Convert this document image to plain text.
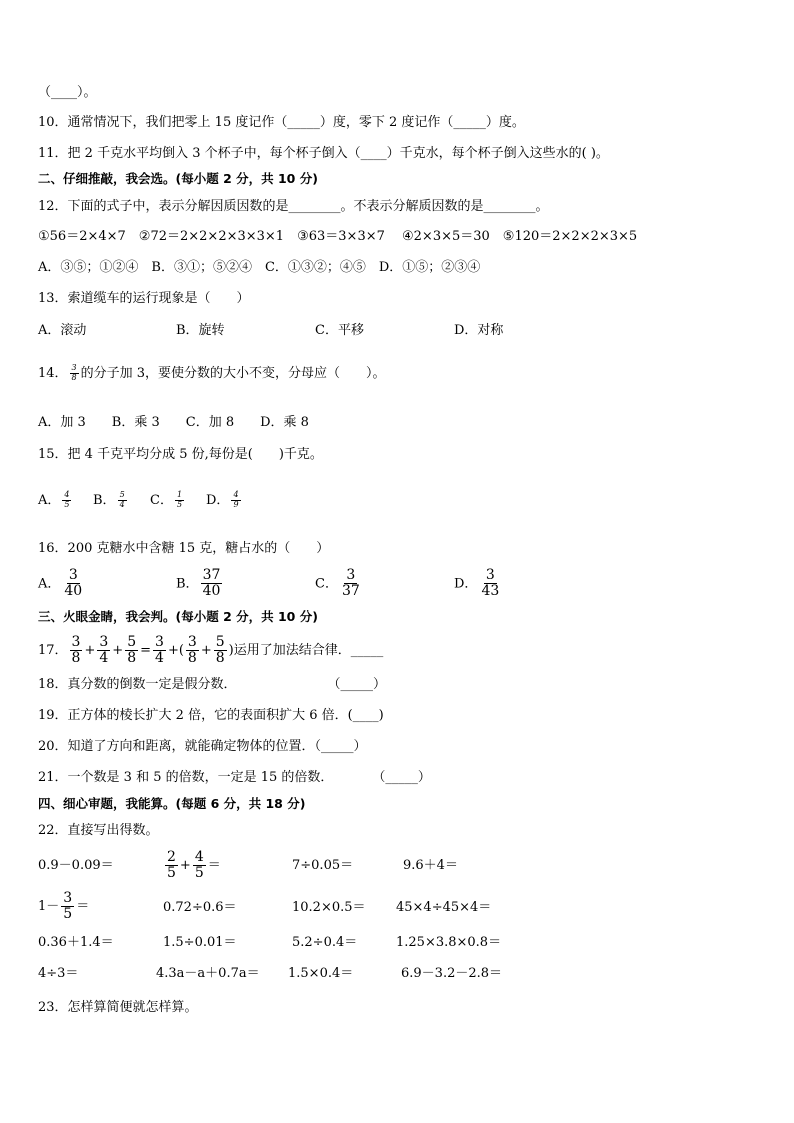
（____）。
10．通常情况下，我们把零上 15 度记作（_____）度，零下 2 度记作（_____）度。
11．把 2 千克水平均倒入 3 个杯子中，每个杯子倒入（____）千克水，每个杯子倒入这些水的( )。
二、仔细推敲，我会选。(每小题 2 分，共 10 分)
12．下面的式子中，表示分解因质因数的是________。不表示分解质因数的是________。
①56＝2×4×7　②72＝2×2×2×3×3×1　③63＝3×3×7　 ④2×3×5＝30　⑤120＝2×2×2×3×5
A．③⑤；①②④　B．③①；⑤②④　C．①③②；④⑤　D．①⑤；②③④
13．索道缆车的运行现象是（　　）
A．滚动	B．旋转	C．平移	D．对称
14． $\frac{3}{8}$ 的分子加 3，要使分数的大小不变，分母应（　　）。
A．加 3　　B．乘 3　　C．加 8　　D．乘 8
15．把 4 千克平均分成 5 份,每份是(　　)千克。
A． $\frac{4}{5}$ B． $\frac{5}{4}$ C． $\frac{1}{5}$ D． $\frac{4}{9}$
16．200 克糖水中含糖 15 克，糖占水的（　　）
A． $\frac{3}{40}$	B． $\frac{37}{40}$	C． $\frac{3}{37}$	D． $\frac{3}{43}$
三、火眼金睛，我会判。(每小题 2 分，共 10 分)
17． $\frac{3}{8} + \frac{3}{4} + \frac{5}{8} = \frac{3}{4}$ +( $\frac{3}{8} + \frac{5}{8}$ )运用了加法结合律．_____
18．真分数的倒数一定是假分数．　　　　　　　　（_____）
19．正方体的棱长扩大 2 倍，它的表面积扩大 6 倍．(____)
20．知道了方向和距离，就能确定物体的位置．（_____）
21．一个数是 3 和 5 的倍数，一定是 15 的倍数．　　　　（_____）
四、细心审题，我能算。(每题 6 分，共 18 分)
22．直接写出得数。
0.9－0.09＝	$\frac{2}{5} + \frac{4}{5}$ ＝	7÷0.05＝	9.6＋4＝
$1- \frac{3}{5}$ ＝	0.72÷0.6＝	10.2×0.5＝ 45×4÷45×4＝
0.36＋1.4＝	1.5÷0.01＝	5.2÷0.4＝	1.25×3.8×0.8＝
4÷3＝	4.3a－a＋0.7a＝ 1.5×0.4＝	6.9－3.2－2.8＝
23．怎样算简便就怎样算。
